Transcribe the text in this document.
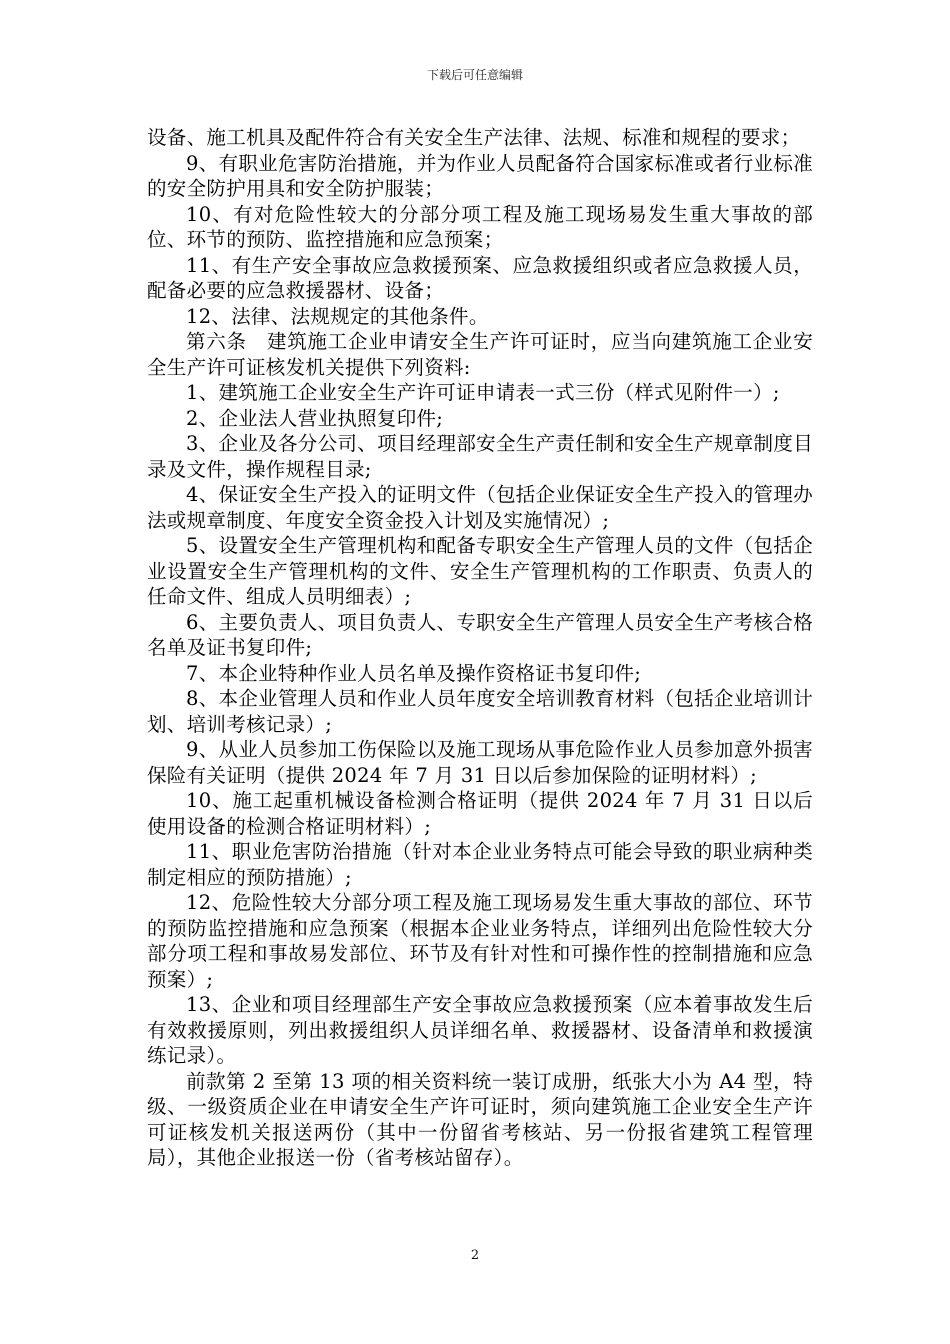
下载后可任意编辑

设备、施工机具及配件符合有关安全生产法律、法规、标准和规程的要求；

9、有职业危害防治措施，并为作业人员配备符合国家标准或者行业标准的安全防护用具和安全防护服装；

10、有对危险性较大的分部分项工程及施工现场易发生重大事故的部位、环节的预防、监控措施和应急预案；

11、有生产安全事故应急救援预案、应急救援组织或者应急救援人员，配备必要的应急救援器材、设备；

12、法律、法规规定的其他条件。

第六条　建筑施工企业申请安全生产许可证时，应当向建筑施工企业安全生产许可证核发机关提供下列资料:

1、建筑施工企业安全生产许可证申请表一式三份（样式见附件一）;

2、企业法人营业执照复印件;

3、企业及各分公司、项目经理部安全生产责任制和安全生产规章制度目录及文件，操作规程目录;

4、保证安全生产投入的证明文件（包括企业保证安全生产投入的管理办法或规章制度、年度安全资金投入计划及实施情况）;

5、设置安全生产管理机构和配备专职安全生产管理人员的文件（包括企业设置安全生产管理机构的文件、安全生产管理机构的工作职责、负责人的任命文件、组成人员明细表）;

6、主要负责人、项目负责人、专职安全生产管理人员安全生产考核合格名单及证书复印件;

7、本企业特种作业人员名单及操作资格证书复印件;

8、本企业管理人员和作业人员年度安全培训教育材料（包括企业培训计划、培训考核记录）;

9、从业人员参加工伤保险以及施工现场从事危险作业人员参加意外损害保险有关证明（提供 2024 年 7 月 31 日以后参加保险的证明材料）;

10、施工起重机械设备检测合格证明（提供 2024 年 7 月 31 日以后使用设备的检测合格证明材料）;

11、职业危害防治措施（针对本企业业务特点可能会导致的职业病种类制定相应的预防措施）;

12、危险性较大分部分项工程及施工现场易发生重大事故的部位、环节的预防监控措施和应急预案（根据本企业业务特点，详细列出危险性较大分部分项工程和事故易发部位、环节及有针对性和可操作性的控制措施和应急预案）;

13、企业和项目经理部生产安全事故应急救援预案（应本着事故发生后有效救援原则，列出救援组织人员详细名单、救援器材、设备清单和救援演练记录）。

前款第 2 至第 13 项的相关资料统一装订成册，纸张大小为 A4 型，特级、一级资质企业在申请安全生产许可证时，须向建筑施工企业安全生产许可证核发机关报送两份（其中一份留省考核站、另一份报省建筑工程管理局），其他企业报送一份（省考核站留存）。

2
